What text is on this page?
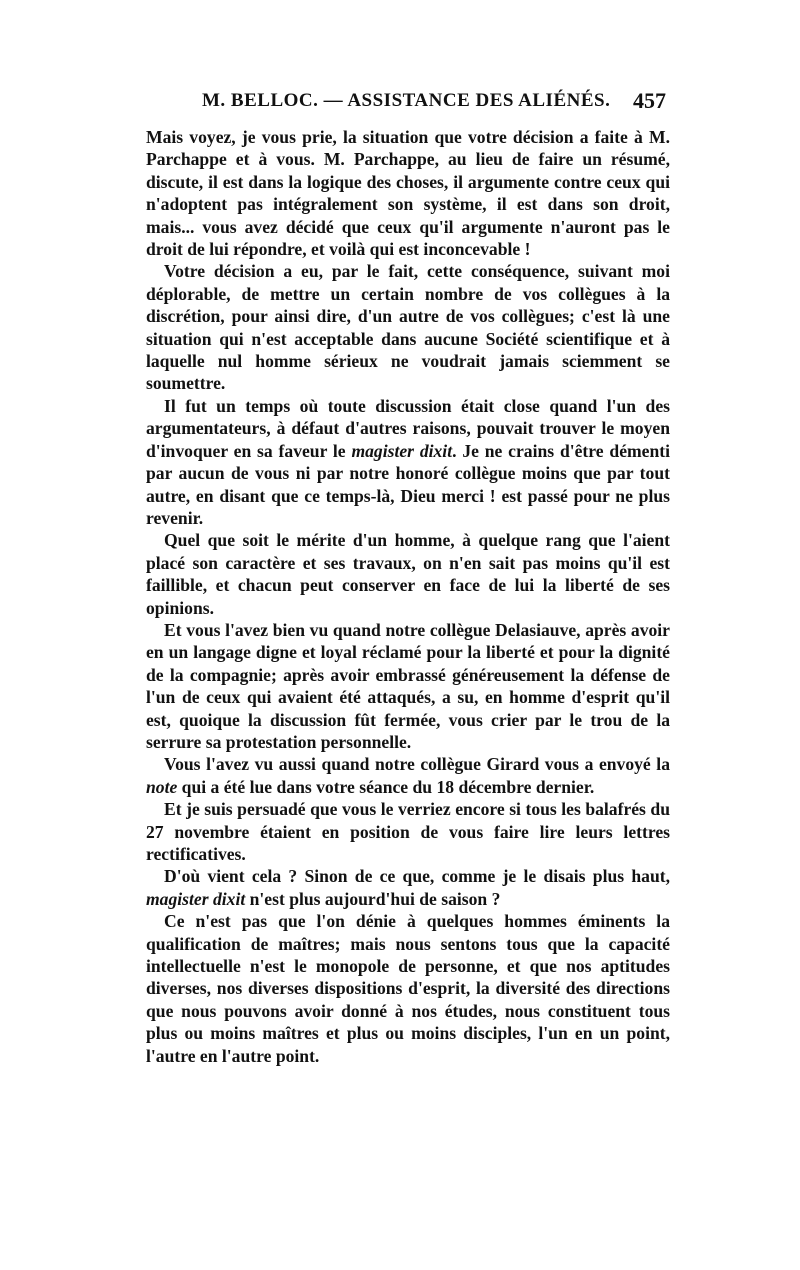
M. BELLOC. — ASSISTANCE DES ALIÉNÉS. 457

Mais voyez, je vous prie, la situation que votre décision a faite à M. Parchappe et à vous. M. Parchappe, au lieu de faire un résumé, discute, il est dans la logique des choses, il argumente contre ceux qui n'adoptent pas intégralement son système, il est dans son droit, mais... vous avez décidé que ceux qu'il argumente n'auront pas le droit de lui répondre, et voilà qui est inconcevable !

Votre décision a eu, par le fait, cette conséquence, suivant moi déplorable, de mettre un certain nombre de vos collègues à la discrétion, pour ainsi dire, d'un autre de vos collègues; c'est là une situation qui n'est acceptable dans aucune Société scientifique et à laquelle nul homme sérieux ne voudrait jamais sciemment se soumettre.

Il fut un temps où toute discussion était close quand l'un des argumentateurs, à défaut d'autres raisons, pouvait trouver le moyen d'invoquer en sa faveur le magister dixit. Je ne crains d'être démenti par aucun de vous ni par notre honoré collègue moins que par tout autre, en disant que ce temps-là, Dieu merci ! est passé pour ne plus revenir.

Quel que soit le mérite d'un homme, à quelque rang que l'aient placé son caractère et ses travaux, on n'en sait pas moins qu'il est faillible, et chacun peut conserver en face de lui la liberté de ses opinions.

Et vous l'avez bien vu quand notre collègue Delasiauve, après avoir en un langage digne et loyal réclamé pour la liberté et pour la dignité de la compagnie; après avoir embrassé généreusement la défense de l'un de ceux qui avaient été attaqués, a su, en homme d'esprit qu'il est, quoique la discussion fût fermée, vous crier par le trou de la serrure sa protestation personnelle.

Vous l'avez vu aussi quand notre collègue Girard vous a envoyé la note qui a été lue dans votre séance du 18 décembre dernier.

Et je suis persuadé que vous le verriez encore si tous les balafrés du 27 novembre étaient en position de vous faire lire leurs lettres rectificatives.

D'où vient cela ? Sinon de ce que, comme je le disais plus haut, magister dixit n'est plus aujourd'hui de saison ?

Ce n'est pas que l'on dénie à quelques hommes éminents la qualification de maîtres; mais nous sentons tous que la capacité intellectuelle n'est le monopole de personne, et que nos aptitudes diverses, nos diverses dispositions d'esprit, la diversité des directions que nous pouvons avoir donné à nos études, nous constituent tous plus ou moins maîtres et plus ou moins disciples, l'un en un point, l'autre en l'autre point.
